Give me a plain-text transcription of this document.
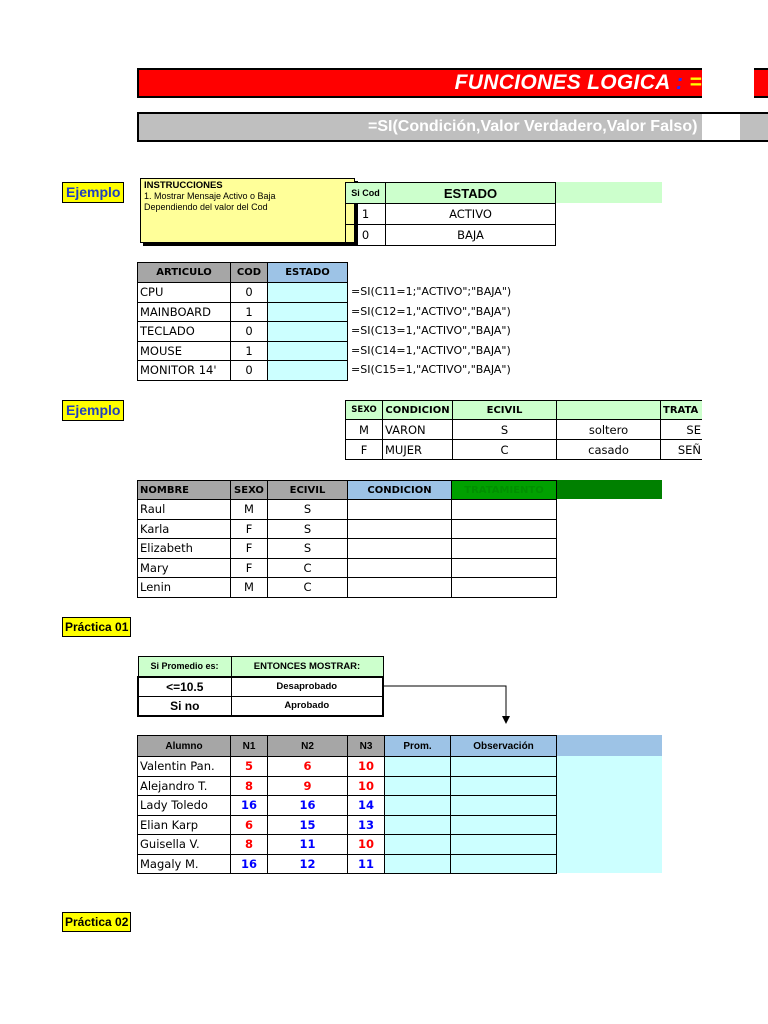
FUNCIONES LOGICA : =
=SI(Condición,Valor Verdadero,Valor Falso)
Ejemplo	INSTRUCCIONES
1. Mostrar Mensaje Activo o Baja
Dependiendo del valor del Cod
Si Cod	ESTADO
1	ACTIVO
0	BAJA
ARTICULO	COD	ESTADO
CPU	0	
MAINBOARD	1	
TECLADO	0	
MOUSE	1	
MONITOR 14'	0	
=SI(C11=1;"ACTIVO";"BAJA")
=SI(C12=1,"ACTIVO","BAJA")
=SI(C13=1,"ACTIVO","BAJA")
=SI(C14=1,"ACTIVO","BAJA")
=SI(C15=1,"ACTIVO","BAJA")
Ejemplo	SEXO	CONDICION	ECIVIL		TRATA
M	VARON	S	soltero	SE
F	MUJER	C	casado	SEÑ
NOMBRE	SEXO	ECIVIL	CONDICION	TRATAMIENTO
Raul	M	S		
Karla	F	S		
Elizabeth	F	S		
Mary	F	C		
Lenin	M	C		
Práctica 01
Si Promedio es:	ENTONCES MOSTRAR:
<=10.5	Desaprobado
Si no	Aprobado
Alumno	N1	N2	N3	Prom.	Observación
Valentin Pan.	5	6	10		
Alejandro T.	8	9	10		
Lady Toledo	16	16	14		
Elian Karp	6	15	13		
Guisella V.	8	11	10		
Magaly M.	16	12	11		
Práctica 02
